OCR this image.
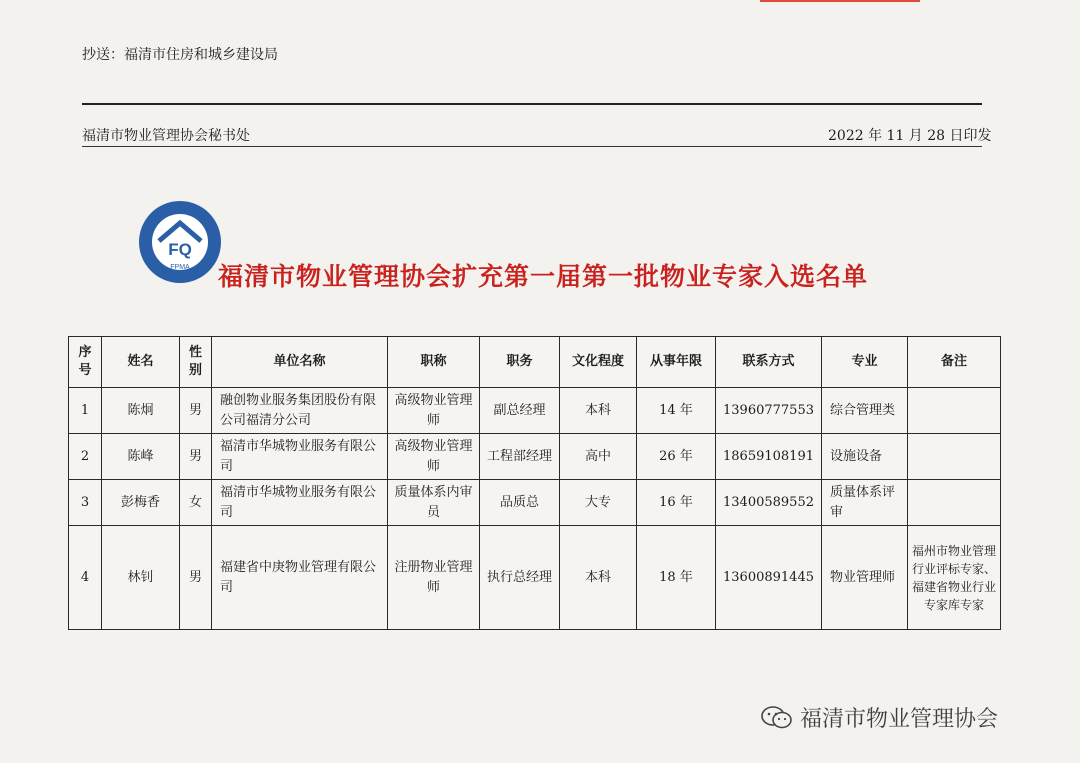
抄送：福清市住房和城乡建设局
福清市物业管理协会秘书处	2022 年 11 月 28 日印发
FQ
FPMA 福清市物业管理协会扩充第一届第一批物业专家入选名单
序号	姓名	性别	单位名称	职称	职务	文化程度	从事年限	联系方式	专业	备注
1	陈炯	男	融创物业服务集团股份有限公司福清分公司	高级物业管理师	副总经理	本科	14 年	13960777553	综合管理类	
2	陈峰	男	福清市华城物业服务有限公司	高级物业管理师	工程部经理	高中	26 年	18659108191	设施设备	
3	彭梅香	女	福清市华城物业服务有限公司	质量体系内审员	品质总	大专	16 年	13400589552	质量体系评审	
4	林钊	男	福建省中庚物业管理有限公司	注册物业管理师	执行总经理	本科	18 年	13600891445	物业管理师	福州市物业管理行业评标专家、福建省物业行业专家库专家
福清市物业管理协会
